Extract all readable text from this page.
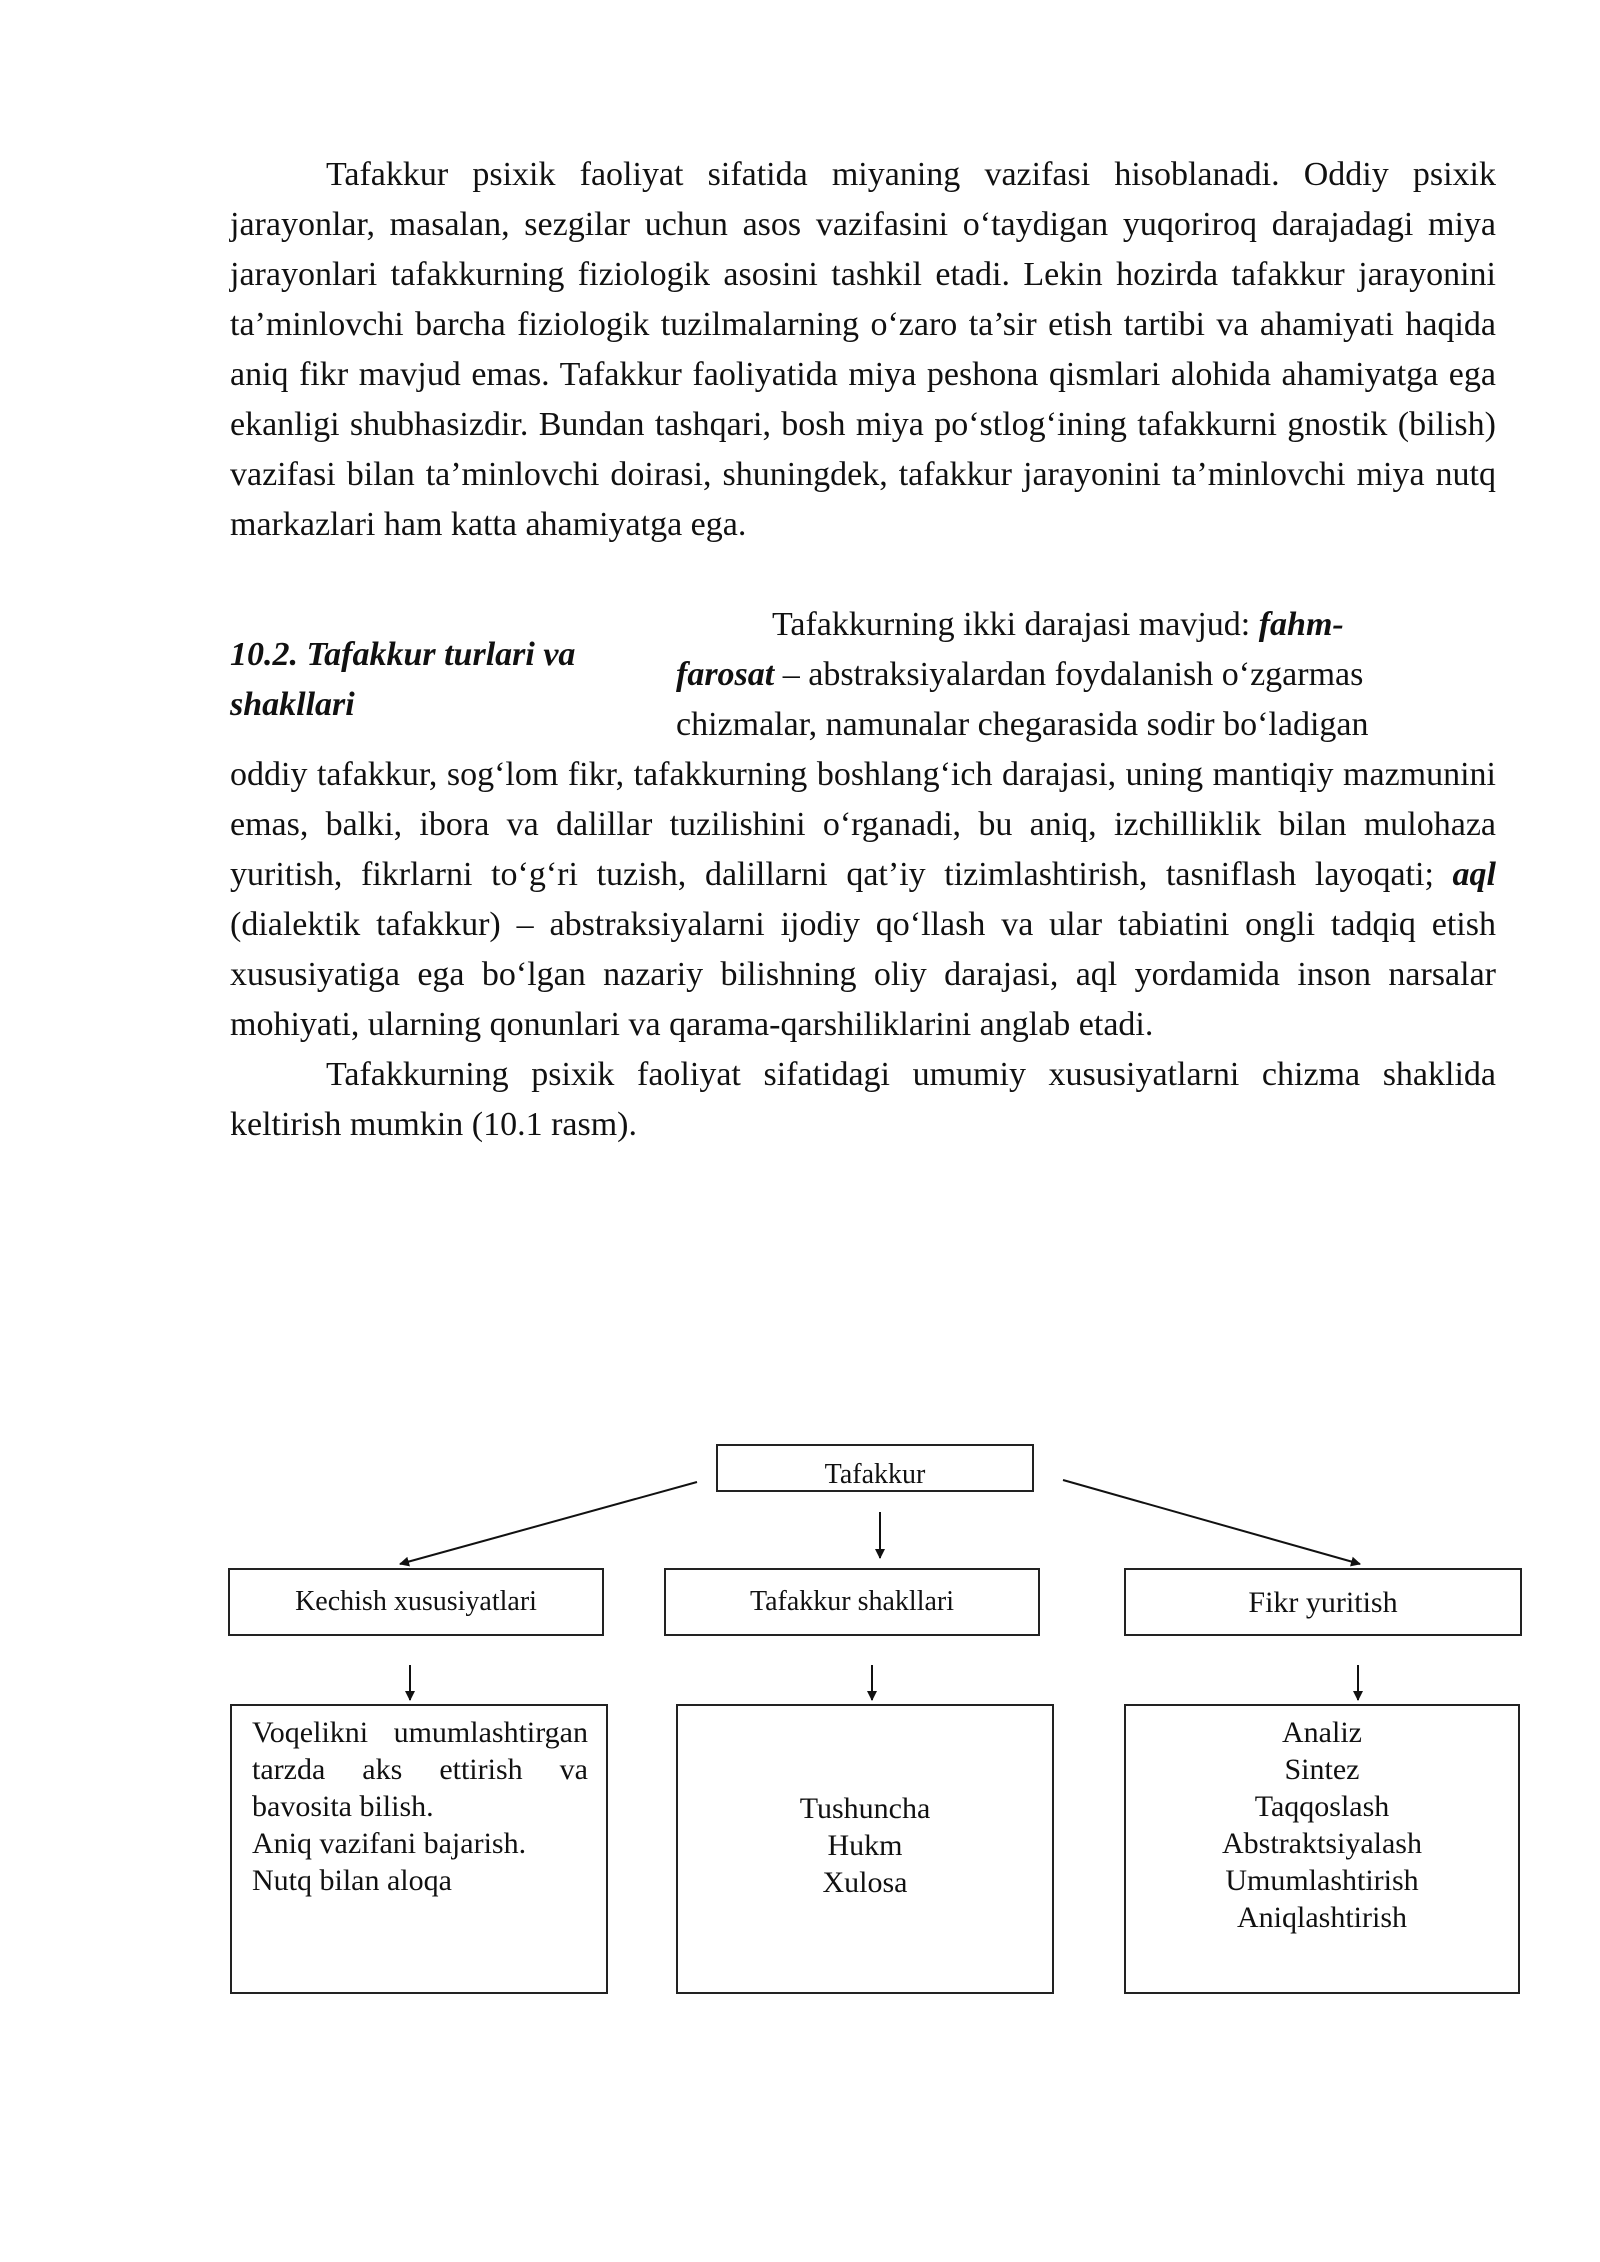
Tafakkur psixik faoliyat sifatida miyaning vazifasi hisoblanadi. Oddiy psixik jarayonlar, masalan, sezgilar uchun asos vazifasini o‘taydigan yuqoriroq darajadagi miya jarayonlari tafakkurning fiziologik asosini tashkil etadi. Lekin hozirda tafakkur jarayonini ta’minlovchi barcha fiziologik tuzilmalarning o‘zaro ta’sir etish tartibi va ahamiyati haqida aniq fikr mavjud emas. Tafakkur faoliyatida miya peshona qismlari alohida ahamiyatga ega ekanligi shubhasizdir. Bundan tashqari, bosh miya po‘stlog‘ining tafakkurni gnostik (bilish) vazifasi bilan ta’minlovchi doirasi, shuningdek, tafakkur jarayonini ta’minlovchi miya nutq markazlari ham katta ahamiyatga ega.

10.2. Tafakkur turlari va shakllari

Tafakkurning ikki darajasi mavjud: fahm-

farosat – abstraksiyalardan foydalanish o‘zgarmas

chizmalar, namunalar chegarasida sodir bo‘ladigan

oddiy tafakkur, sog‘lom fikr, tafakkurning boshlang‘ich darajasi, uning mantiqiy mazmunini emas, balki, ibora va dalillar tuzilishini o‘rganadi, bu aniq, izchilliklik bilan mulohaza yuritish, fikrlarni to‘g‘ri tuzish, dalillarni qat’iy tizimlashtirish, tasniflash layoqati; aql (dialektik tafakkur) – abstraksiyalarni ijodiy qo‘llash va ular tabiatini ongli tadqiq etish xususiyatiga ega bo‘lgan nazariy bilishning oliy darajasi, aql yordamida inson narsalar mohiyati, ularning qonunlari va qarama-qarshiliklarini anglab etadi.

Tafakkurning psixik faoliyat sifatidagi umumiy xususiyatlarni chizma shaklida keltirish mumkin (10.1 rasm).

Tafakkur
Kechish xususiyatlari	Tafakkur shakllari	Fikr yuritish
Voqelikni umumlashtirgan tarzda aks ettirish va bavosita bilish.
Aniq vazifani bajarish.
Nutq bilan aloqa
Tushuncha
Hukm
Xulosa
Analiz
Sintez
Taqqoslash
Abstraktsiyalash
Umumlashtirish
Aniqlashtirish
